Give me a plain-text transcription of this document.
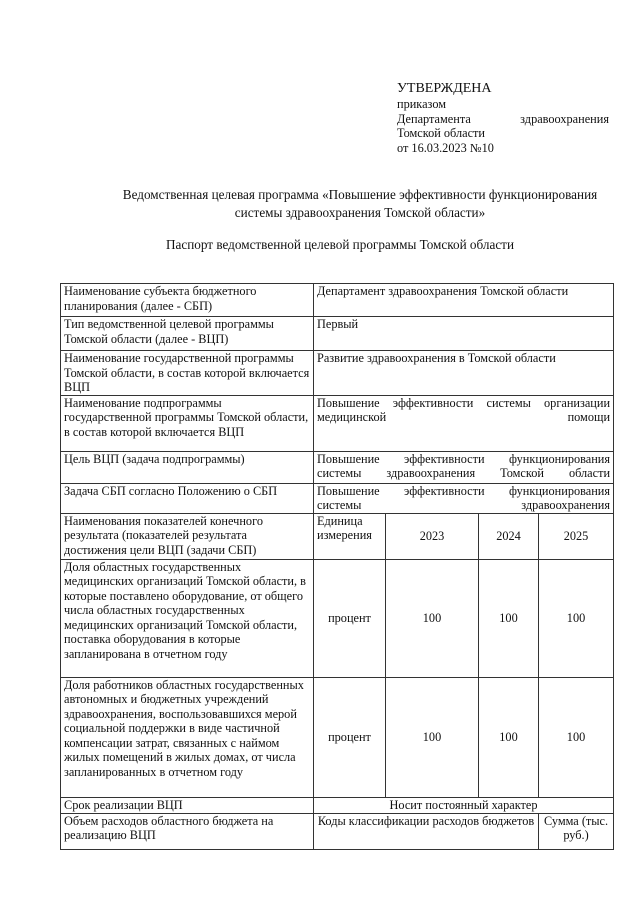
УТВЕРЖДЕНА
приказом
Департамента	здравоохранения
Томской области
от 16.03.2023 №10
Ведомственная целевая программа «Повышение эффективности функционирования
системы здравоохранения Томской области»
Паспорт ведомственной целевой программы Томской области
Наименование субъекта бюджетного планирования (далее - СБП)	Департамент здравоохранения Томской области			
Тип ведомственной целевой программы Томской области (далее - ВЦП)	Первый			
Наименование государственной программы Томской области, в состав которой включается ВЦП	Развитие здравоохранения в Томской области			
Наименование подпрограммы государственной программы Томской области, в состав которой включается ВЦП	Повышение эффективности системы организации медицинской помощи			
Цель ВЦП (задача подпрограммы)	Повышение эффективности функционирования системы здравоохранения Томской области			
Задача СБП согласно Положению о СБП	Повышение эффективности функционирования системы здравоохранения			
Наименования показателей конечного результата (показателей результата достижения цели ВЦП (задачи СБП)	Единица измерения	2023	2024	2025
Доля областных государственных медицинских организаций Томской области, в которые поставлено оборудование, от общего числа областных государственных медицинских организаций Томской области, поставка оборудования в которые запланирована в отчетном году	процент	100	100	100
Доля работников областных государственных автономных и бюджетных учреждений здравоохранения, воспользовавшихся мерой социальной поддержки в виде частичной компенсации затрат, связанных с наймом жилых помещений в жилых домах, от числа запланированных в отчетном году	процент	100	100	100
Срок реализации ВЦП	Носит постоянный характер			
Объем расходов областного бюджета на реализацию ВЦП	Коды классификации расходов бюджетов			Сумма (тыс. руб.)
